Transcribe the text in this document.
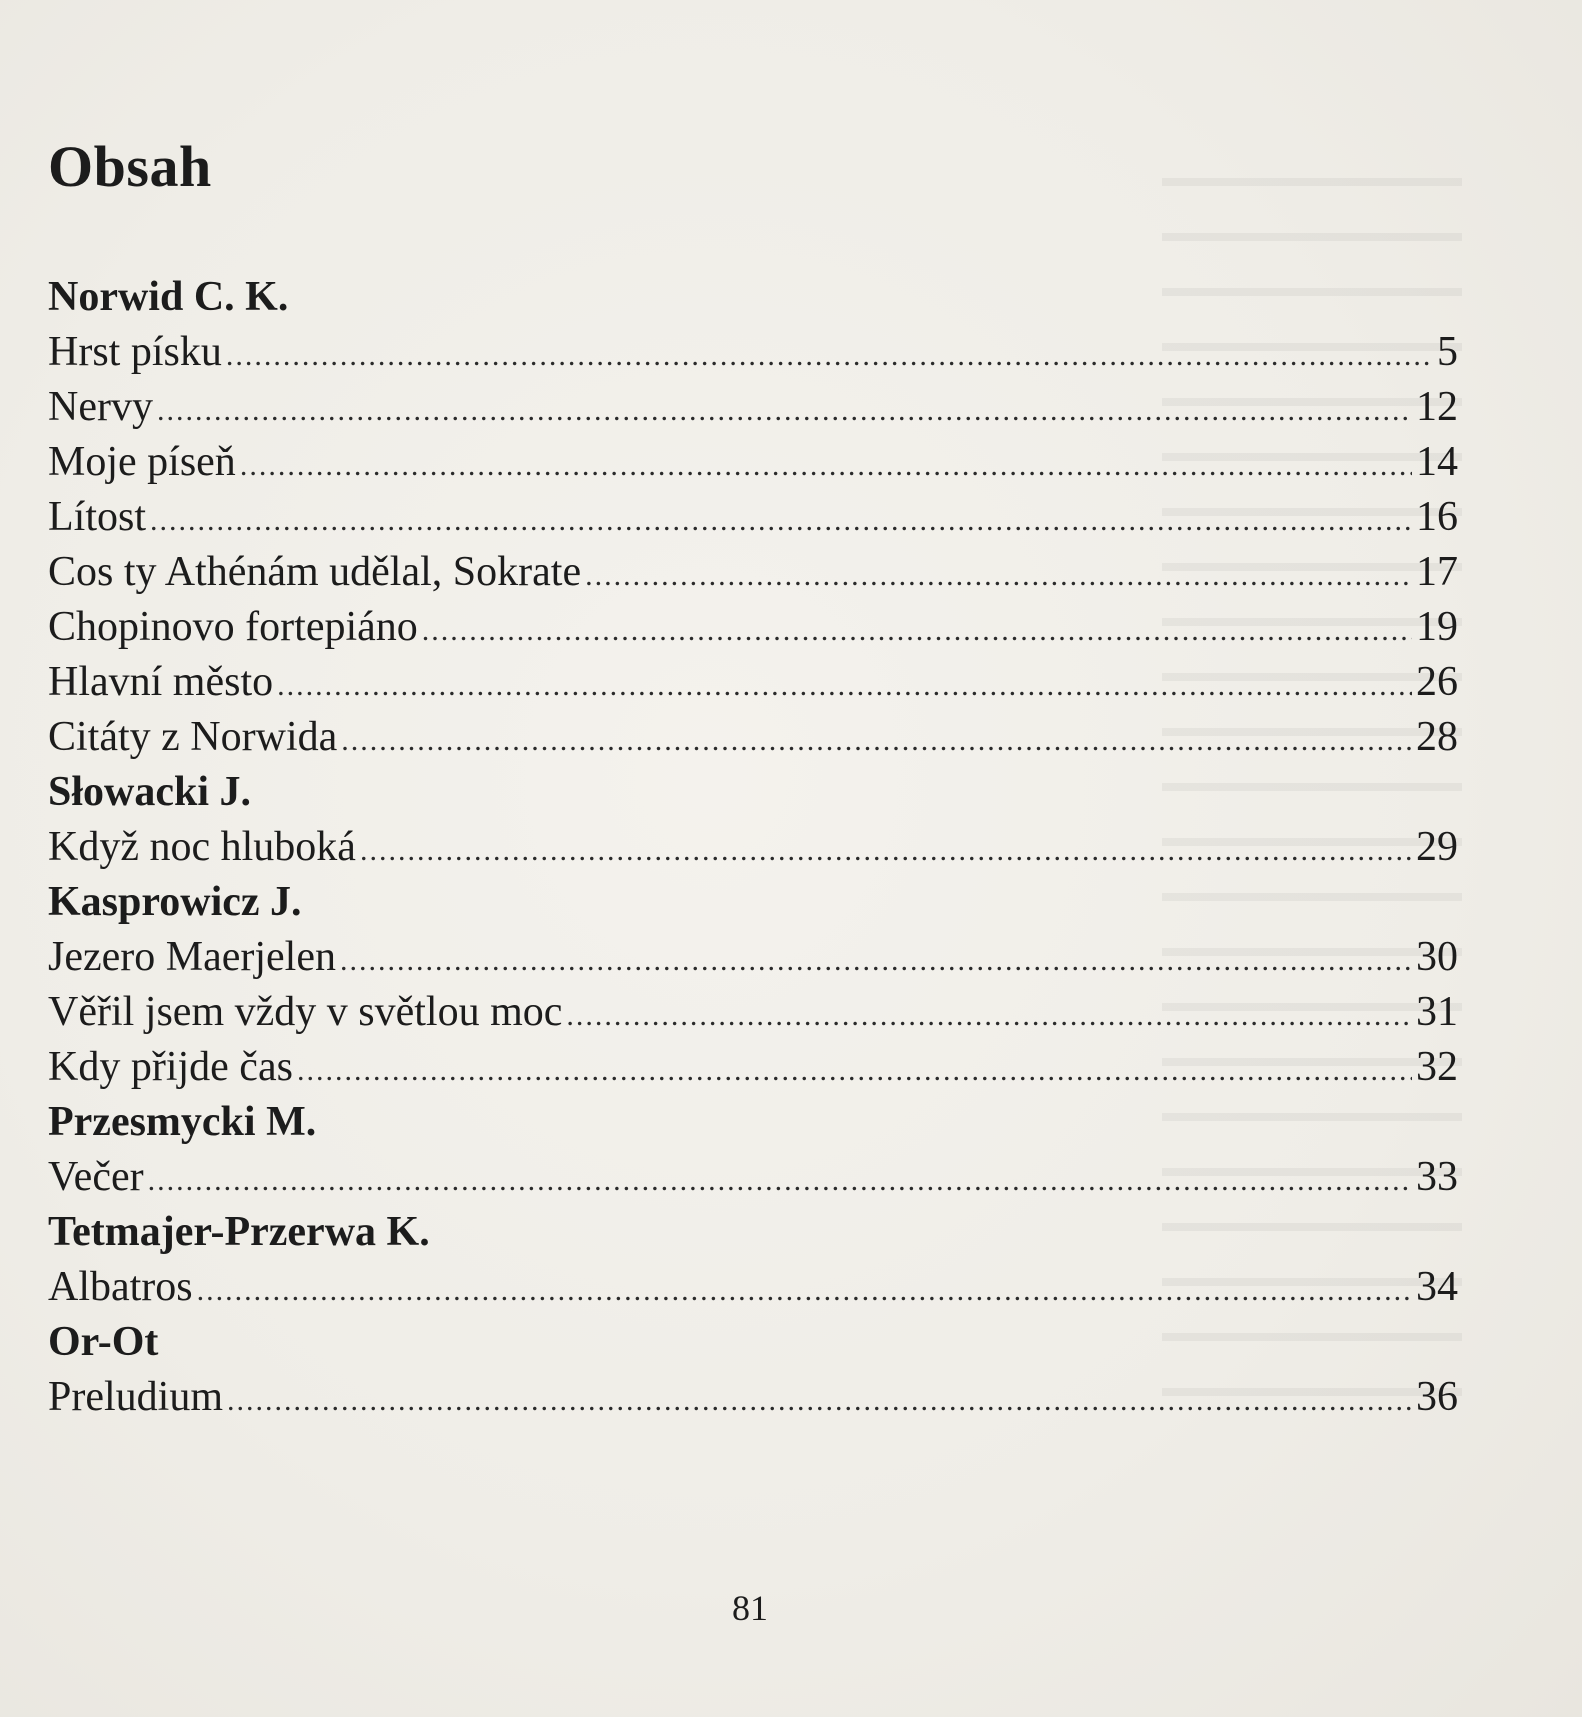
Obsah
Norwid C. K.
Hrst písku .....	5
Nervy .....	12
Moje píseň .....	14
Lítost .....	16
Cos ty Athénám udělal, Sokrate .....	17
Chopinovo fortepiáno .....	19
Hlavní město .....	26
Citáty z Norwida .....	28
Słowacki J.
Když noc hluboká .....	29
Kasprowicz J.
Jezero Maerjelen .....	30
Věřil jsem vždy v světlou moc .....	31
Kdy přijde čas .....	32
Przesmycki M.
Večer .....	33
Tetmajer-Przerwa K.
Albatros .....	34
Or-Ot
Preludium .....	36
81
